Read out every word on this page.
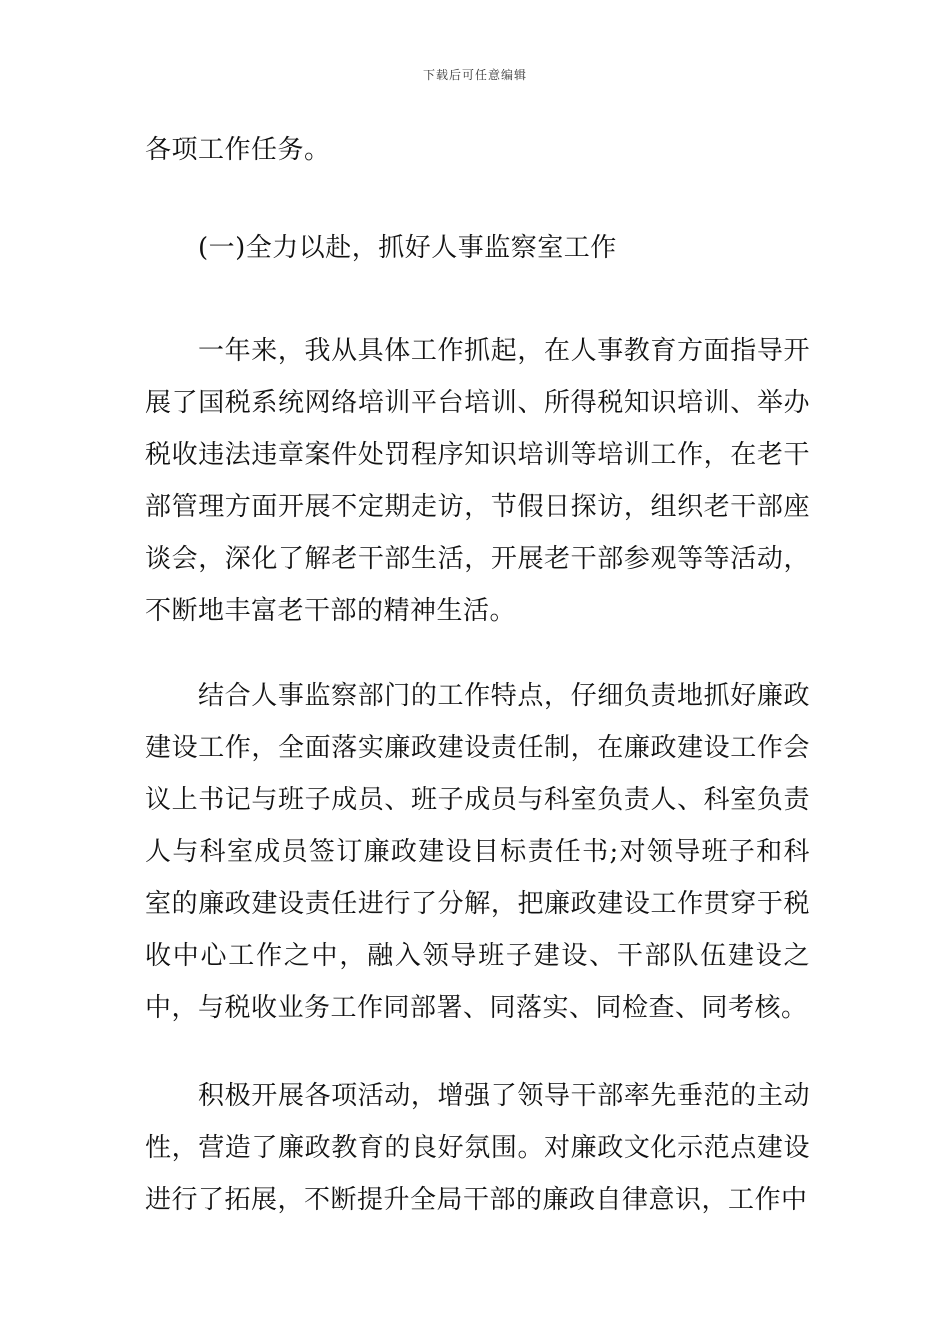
下载后可任意编辑

各项工作任务。

(一)全力以赴，抓好人事监察室工作

一年来，我从具体工作抓起，在人事教育方面指导开展了国税系统网络培训平台培训、所得税知识培训、举办税收违法违章案件处罚程序知识培训等培训工作，在老干部管理方面开展不定期走访，节假日探访，组织老干部座谈会，深化了解老干部生活，开展老干部参观等等活动，不断地丰富老干部的精神生活。

结合人事监察部门的工作特点，仔细负责地抓好廉政建设工作，全面落实廉政建设责任制，在廉政建设工作会议上书记与班子成员、班子成员与科室负责人、科室负责人与科室成员签订廉政建设目标责任书;对领导班子和科室的廉政建设责任进行了分解，把廉政建设工作贯穿于税收中心工作之中，融入领导班子建设、干部队伍建设之中，与税收业务工作同部署、同落实、同检查、同考核。

积极开展各项活动，增强了领导干部率先垂范的主动性，营造了廉政教育的良好氛围。对廉政文化示范点建设进行了拓展，不断提升全局干部的廉政自律意识，工作中
